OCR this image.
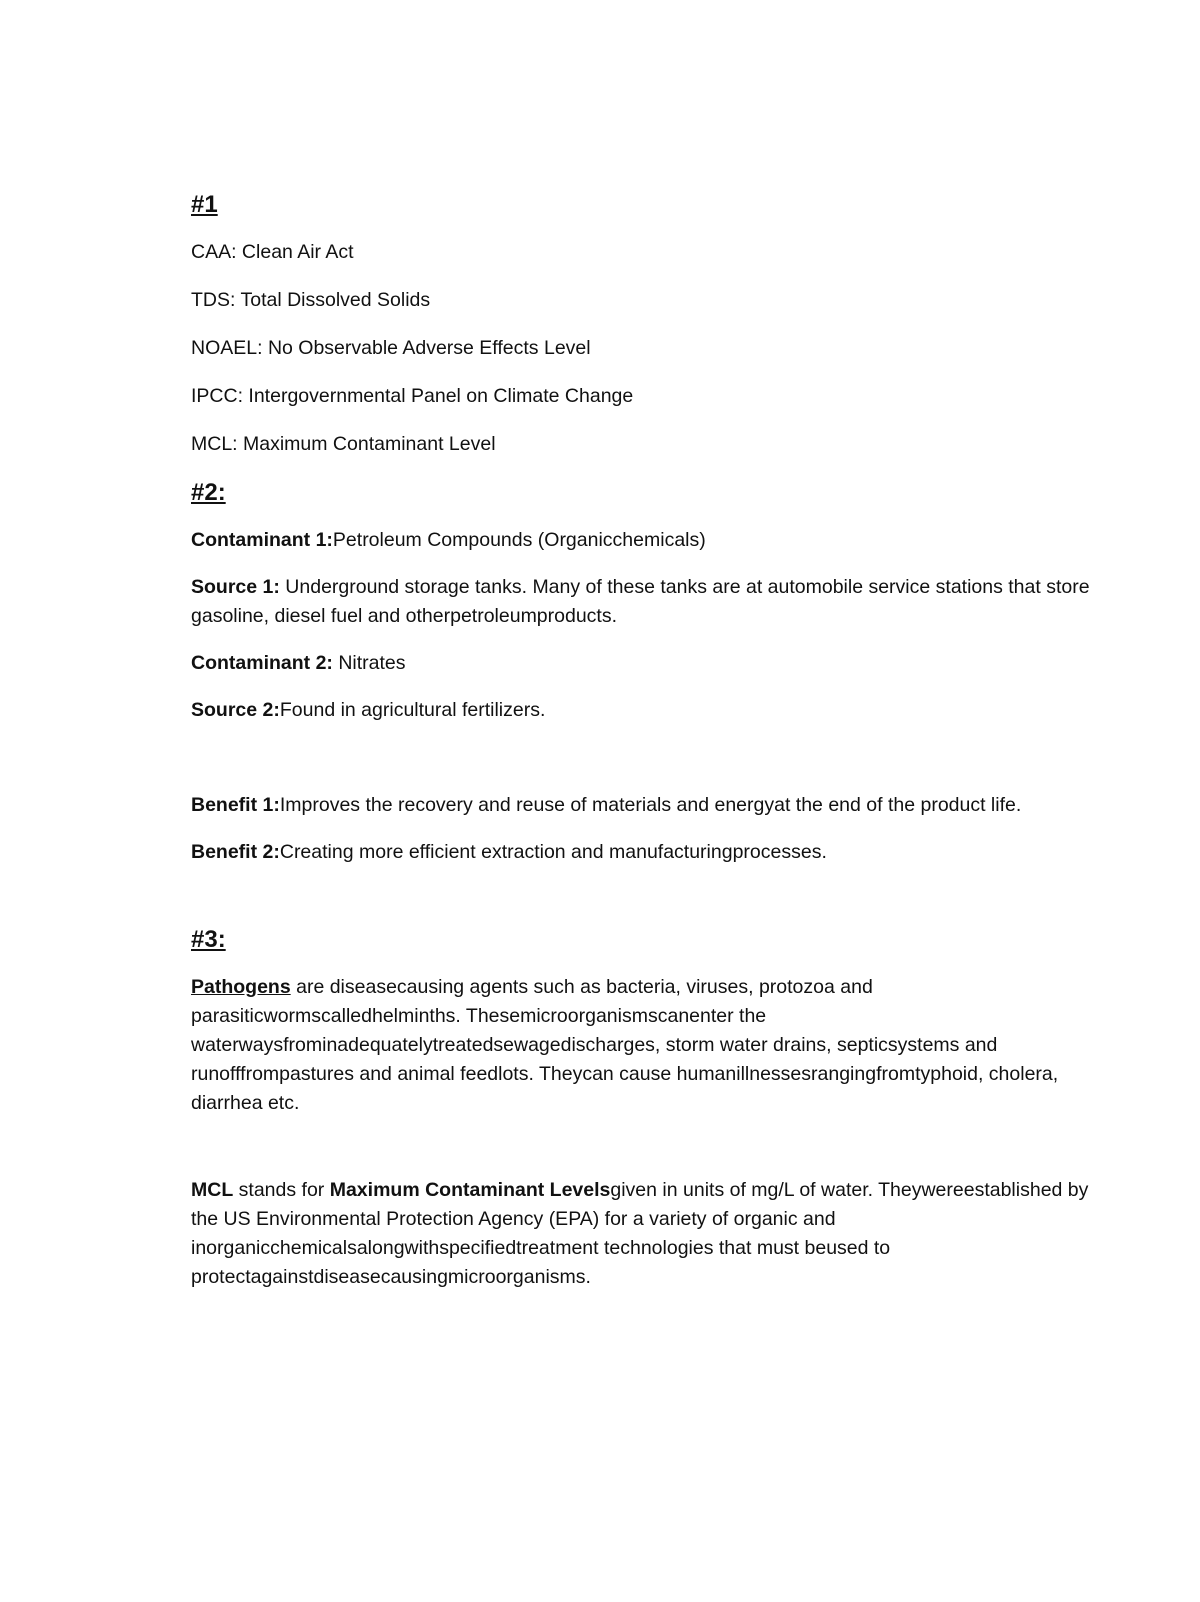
#1

CAA: Clean Air Act

TDS: Total Dissolved Solids

NOAEL: No Observable Adverse Effects Level

IPCC: Intergovernmental Panel on Climate Change

MCL: Maximum Contaminant Level

#2:

Contaminant 1:Petroleum Compounds (Organicchemicals)

Source 1: Underground storage tanks. Many of these tanks are at automobile service stations that store gasoline, diesel fuel and otherpetroleumproducts.

Contaminant 2: Nitrates

Source 2:Found in agricultural fertilizers.

Benefit 1:Improves the recovery and reuse of materials and energyat the end of the product life.

Benefit 2:Creating more efficient extraction and manufacturingprocesses.

#3:

Pathogens are diseasecausing agents such as bacteria, viruses, protozoa and parasiticwormscalledhelminths. Thesemicroorganismscanenter the waterwaysfrominadequatelytreatedsewagedischarges, storm water drains, septicsystems and runofffrompastures and animal feedlots. Theycan cause humanillnessesrangingfromtyphoid, cholera, diarrhea etc.

MCL stands for Maximum Contaminant Levelsgiven in units of mg/L of water. Theywereestablished by the US Environmental Protection Agency (EPA) for a variety of organic and inorganicchemicalsalongwithspecifiedtreatment technologies that must beused to protectagainstdiseasecausingmicroorganisms.
